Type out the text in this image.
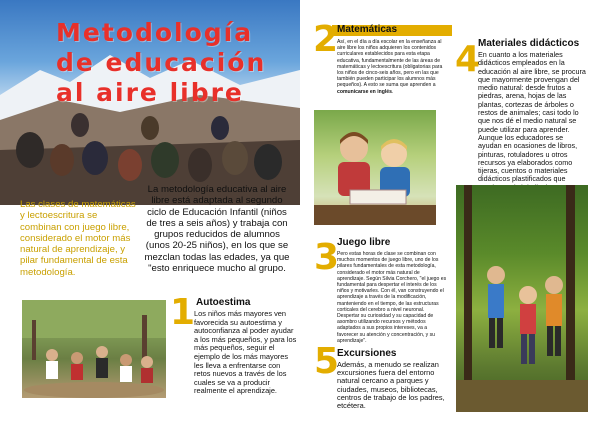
Metodología de educación al aire libre

Las clases de matemáticas y lectoescritura se combinan con juego libre, considerado el motor más natural de aprendizaje, y pilar fundamental de esta metodología.

La metodología educativa al aire libre está adaptada al segundo ciclo de Educación Infantil (niños de tres a seis años) y trabaja con grupos reducidos de alumnos (unos 20-25 niños), en los que se mezclan todas las edades, ya que "esto enriquece mucho al grupo.

1 Autoestima

Los niños más mayores ven favorecida su autoestima y autoconfianza al poder ayudar a los más pequeños, y para los más pequeños, seguir el ejemplo de los más mayores les lleva a enfrentarse con retos nuevos a través de los cuales se va a producir realmente el aprendizaje.

2
Matemáticas

Así, en el día a día escolar en la enseñanza al aire libre los niños adquieren los contenidos curriculares establecidos para esta etapa educativa, fundamentalmente de las áreas de matemáticas y lectoescritura (obligatorias para los niños de cinco-seis años, pero en las que también pueden participar los alumnos más pequeños). A esto se suma que aprenden a comunicarse en inglés.

3
Juego libre

Pero estas horas de clase se combinan con muchos momentos de juego libre, uno de los pilares fundamentales de esta metodología, considerado el motor más natural de aprendizaje. Según Silvia Corchero, "el juego es fundamental para despertar el interés de los niños y motivarles. Con él, van construyendo el aprendizaje a través de la modificación, manteniendo en el tiempo, de las estructuras corticales del cerebro a nivel neuronal. Despertar su curiosidad y su capacidad de asombro utilizando recursos y métodos adaptados a sus propios intereses, va a favorecer su atención y concentración, y su aprendizaje".

4
Materiales didácticos

En cuanto a los materiales didácticos empleados en la educación al aire libre, se procura que mayormente provengan del medio natural: desde frutos a piedras, arena, hojas de las plantas, cortezas de árboles o restos de animales; casi todo lo que nos dé el medio natural se puede utilizar para aprender. Aunque los educadores se ayudan en ocasiones de libros, pinturas, rotuladores u otros recursos ya elaborados como tijeras, cuentos o materiales didácticos plastificados que

5
Excursiones

Además, a menudo se realizan excursiones fuera del entorno natural cercano a parques y ciudades, museos, bibliotecas, centros de trabajo de los padres, etcétera.
